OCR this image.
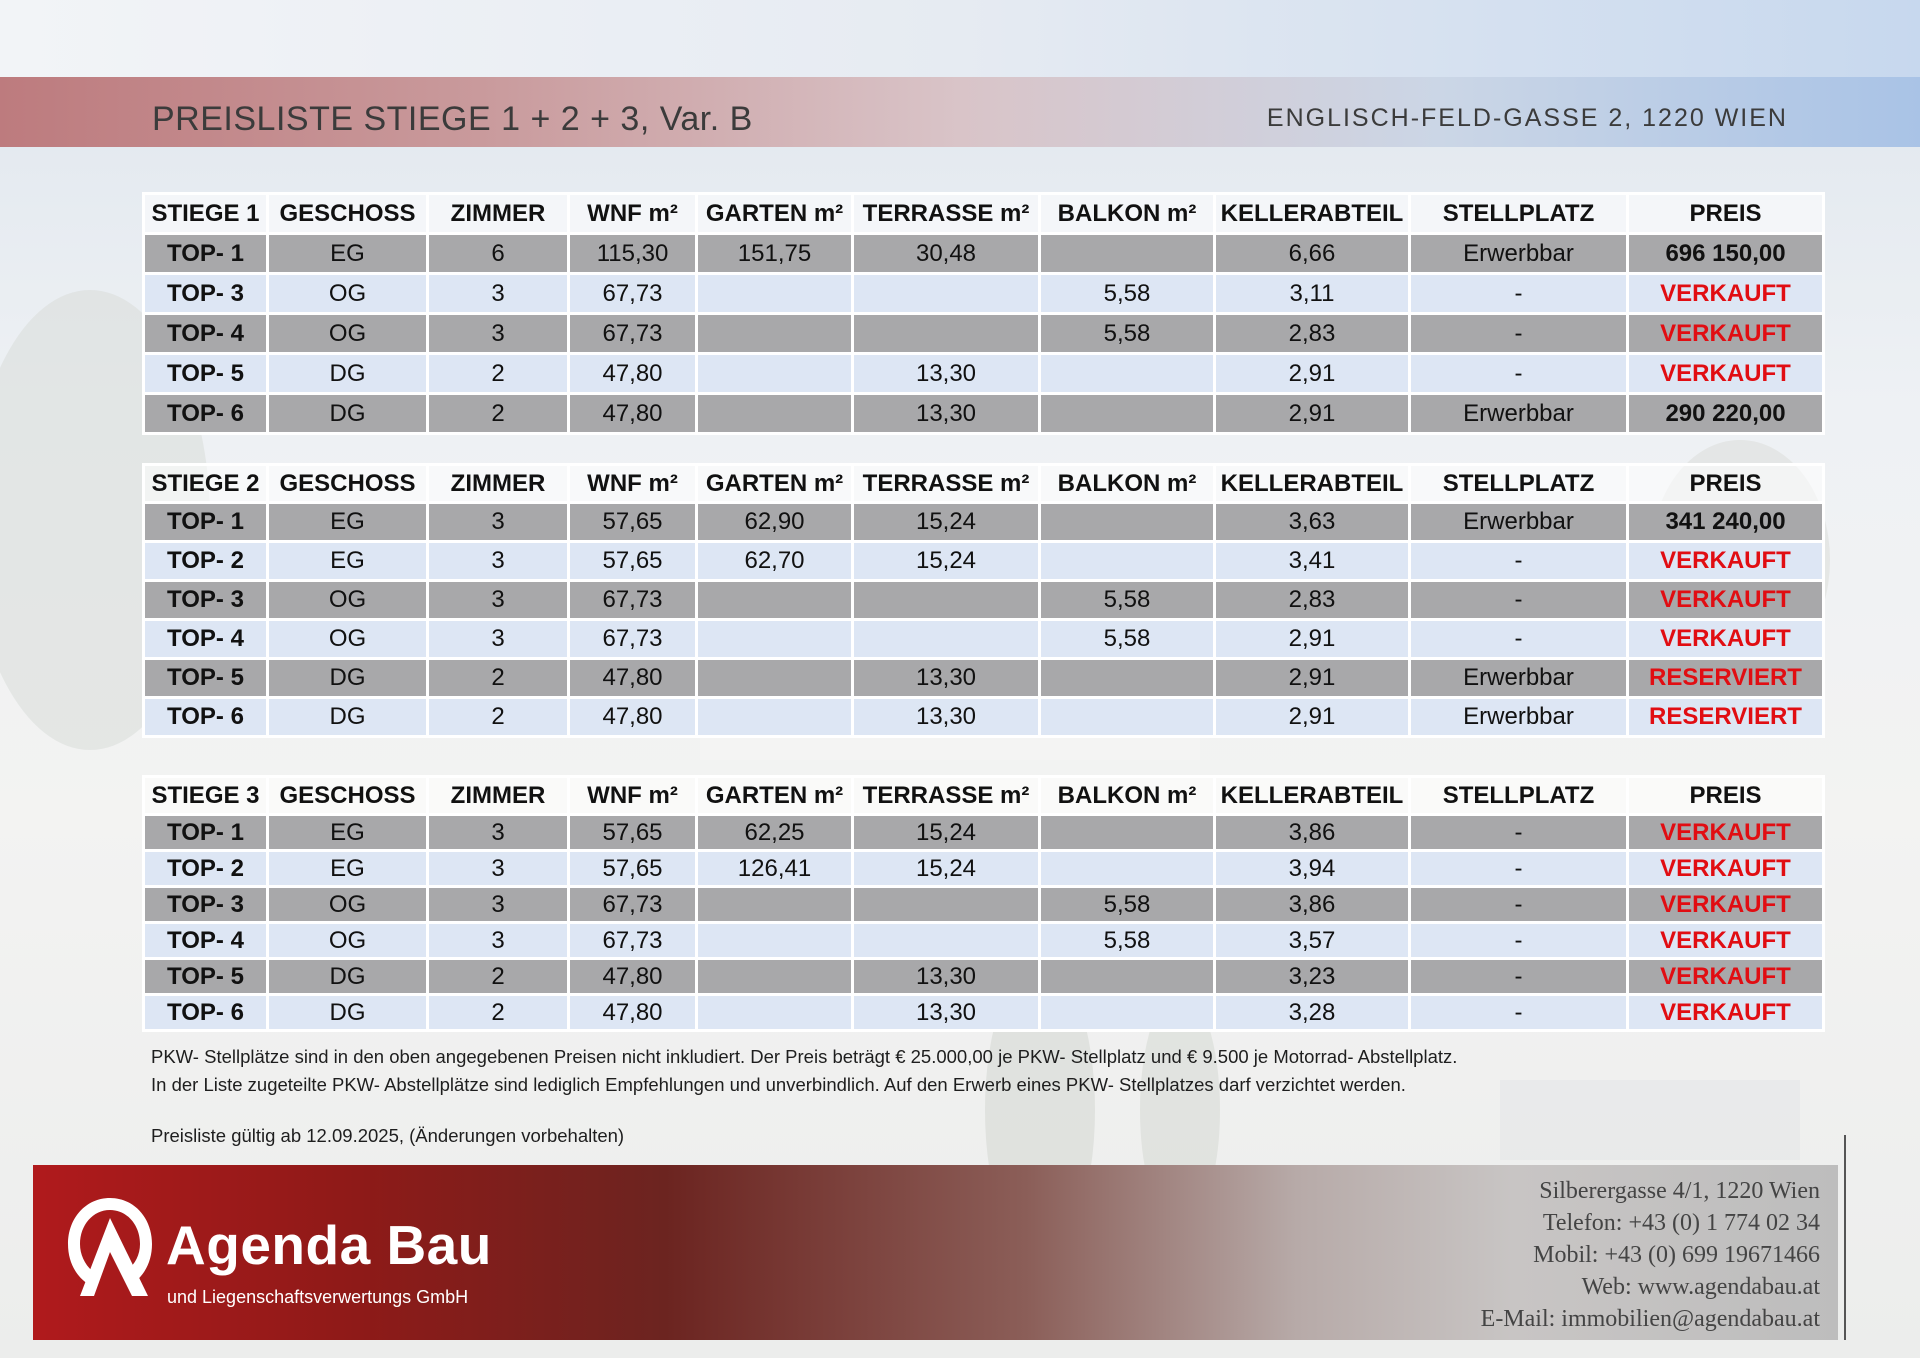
PREISLISTE STIEGE 1 + 2 + 3, Var. B	ENGLISCH-FELD-GASSE 2, 1220 WIEN
STIEGE 1	GESCHOSS	ZIMMER	WNF m²	GARTEN m²	TERRASSE m²	BALKON m²	KELLERABTEIL	STELLPLATZ	PREIS
TOP- 1	EG	6	115,30	151,75	30,48		6,66	Erwerbbar	696 150,00
TOP- 3	OG	3	67,73			5,58	3,11	-	VERKAUFT
TOP- 4	OG	3	67,73			5,58	2,83	-	VERKAUFT
TOP- 5	DG	2	47,80		13,30		2,91	-	VERKAUFT
TOP- 6	DG	2	47,80		13,30		2,91	Erwerbbar	290 220,00
STIEGE 2	GESCHOSS	ZIMMER	WNF m²	GARTEN m²	TERRASSE m²	BALKON m²	KELLERABTEIL	STELLPLATZ	PREIS
TOP- 1	EG	3	57,65	62,90	15,24		3,63	Erwerbbar	341 240,00
TOP- 2	EG	3	57,65	62,70	15,24		3,41	-	VERKAUFT
TOP- 3	OG	3	67,73			5,58	2,83	-	VERKAUFT
TOP- 4	OG	3	67,73			5,58	2,91	-	VERKAUFT
TOP- 5	DG	2	47,80		13,30		2,91	Erwerbbar	RESERVIERT
TOP- 6	DG	2	47,80		13,30		2,91	Erwerbbar	RESERVIERT
STIEGE 3	GESCHOSS	ZIMMER	WNF m²	GARTEN m²	TERRASSE m²	BALKON m²	KELLERABTEIL	STELLPLATZ	PREIS
TOP- 1	EG	3	57,65	62,25	15,24		3,86	-	VERKAUFT
TOP- 2	EG	3	57,65	126,41	15,24		3,94	-	VERKAUFT
TOP- 3	OG	3	67,73			5,58	3,86	-	VERKAUFT
TOP- 4	OG	3	67,73			5,58	3,57	-	VERKAUFT
TOP- 5	DG	2	47,80		13,30		3,23	-	VERKAUFT
TOP- 6	DG	2	47,80		13,30		3,28	-	VERKAUFT
PKW- Stellplätze sind in den oben angegebenen Preisen nicht inkludiert. Der Preis beträgt € 25.000,00 je PKW- Stellplatz und € 9.500 je Motorrad- Abstellplatz.
In der Liste zugeteilte PKW- Abstellplätze sind lediglich Empfehlungen und unverbindlich. Auf den Erwerb eines PKW- Stellplatzes darf verzichtet werden.
Preisliste gültig ab 12.09.2025, (Änderungen vorbehalten)
Agenda Bau
und Liegenschaftsverwertungs GmbH
Silberergasse 4/1, 1220 Wien
Telefon: +43 (0) 1 774 02 34
Mobil: +43 (0) 699 19671466
Web: www.agendabau.at
E-Mail: immobilien@agendabau.at
